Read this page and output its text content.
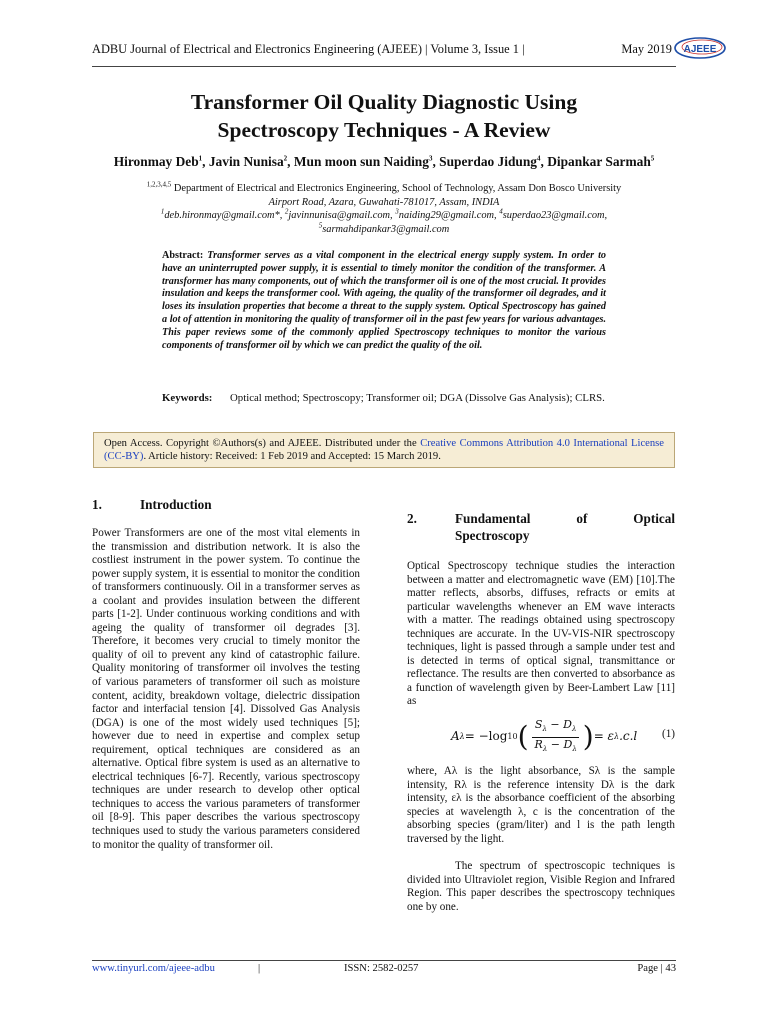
ADBU Journal of Electrical and Electronics Engineering (AJEEE) | Volume 3, Issue 1 |	May 2019 AJEEE
Transformer Oil Quality Diagnostic Using
Spectroscopy Techniques - A Review
Hironmay Deb$^1$, Javin Nunisa$^2$, Mun moon sun Naiding$^3$, Superdao Jidung$^4$, Dipankar Sarmah$^5$
$^{1,2,3,4,5}$ Department of Electrical and Electronics Engineering, School of Technology, Assam Don Bosco University
Airport Road, Azara, Guwahati-781017, Assam, INDIA
$^1$deb.hironmay@gmail.com*, $^2$javinnunisa@gmail.com, $^3$naiding29@gmail.com, $^4$superdao23@gmail.com,
$^5$sarmahdipankar3@gmail.com
Abstract: Transformer serves as a vital component in the electrical energy supply system. In order to have an uninterrupted power supply, it is essential to timely monitor the condition of the transformer. A transformer has many components, out of which the transformer oil is one of the most crucial. It provides insulation and keeps the transformer cool. With ageing, the quality of the transformer oil degrades, and it loses its insulation properties that become a threat to the supply system. Optical Spectroscopy has gained a lot of attention in monitoring the quality of transformer oil in the past few years for various advantages. This paper reviews some of the commonly applied Spectroscopy techniques to monitor the various components of transformer oil by which we can predict the quality of the oil.
Keywords:	Optical method; Spectroscopy; Transformer oil; DGA (Dissolve Gas Analysis); CLRS.
Open Access. Copyright ©Authors(s) and AJEEE. Distributed under the Creative Commons Attribution 4.0 International License (CC-BY). Article history: Received: 1 Feb 2019 and Accepted: 15 March 2019.
1.	Introduction

Power Transformers are one of the most vital elements in the transmission and distribution network. It is also the costliest instrument in the power system. To continue the power supply system, it is essential to monitor the condition of transformers continuously. Oil in a transformer serves as a coolant and provides insulation between the different parts [1-2]. Under continuous working conditions and with ageing the quality of transformer oil degrades [3]. Therefore, it becomes very crucial to timely monitor the quality of oil to prevent any kind of catastrophic failure. Quality monitoring of transformer oil involves the testing of various parameters of transformer oil such as moisture content, acidity, breakdown voltage, dielectric dissipation factor and interfacial tension [4]. Dissolved Gas Analysis (DGA) is one of the most widely used techniques [5]; however due to need in expertise and complex setup requirement, optical techniques are considered as an alternative. Optical fibre system is used as an alternative to electrical techniques [6-7]. Recently, various spectroscopy techniques are under research to develop other optical techniques to access the various parameters of transformer oil [8-9]. This paper describes the various spectroscopy techniques used to study the various parameters considered to monitor the quality of transformer oil.

2.	Fundamental of Optical
Spectroscopy

Optical Spectroscopy technique studies the interaction between a matter and electromagnetic wave (EM) [10].The matter reflects, absorbs, diffuses, refracts or emits at particular wavelengths whenever an EM wave interacts with a matter. The readings obtained using spectroscopy techniques are accurate. In the UV-VIS-NIR spectroscopy techniques, light is passed through a sample under test and is detected in terms of optical signal, transmittance or reflectance. The results are then converted to absorbance as a function of wavelength given by Beer-Lambert Law [11] as

A λ = −log 10 ( $\frac{S_\lambda - D_\lambda}{R_\lambda - D_\lambda}$ ) = ε λ .c.l (1)

where, Aλ is the light absorbance, Sλ is the sample intensity, Rλ is the reference intensity Dλ is the dark intensity, ελ is the absorbance coefficient of the absorbing species at wavelength λ, c is the concentration of the absorbing species (gram/liter) and l is the path length traversed by the light.

The spectrum of spectroscopic techniques is divided into Ultraviolet region, Visible Region and Infrared Region. This paper describes the spectroscopy techniques one by one.

www.tinyurl.com/ajeee-adbu	|	ISSN: 2582-0257	Page | 43
